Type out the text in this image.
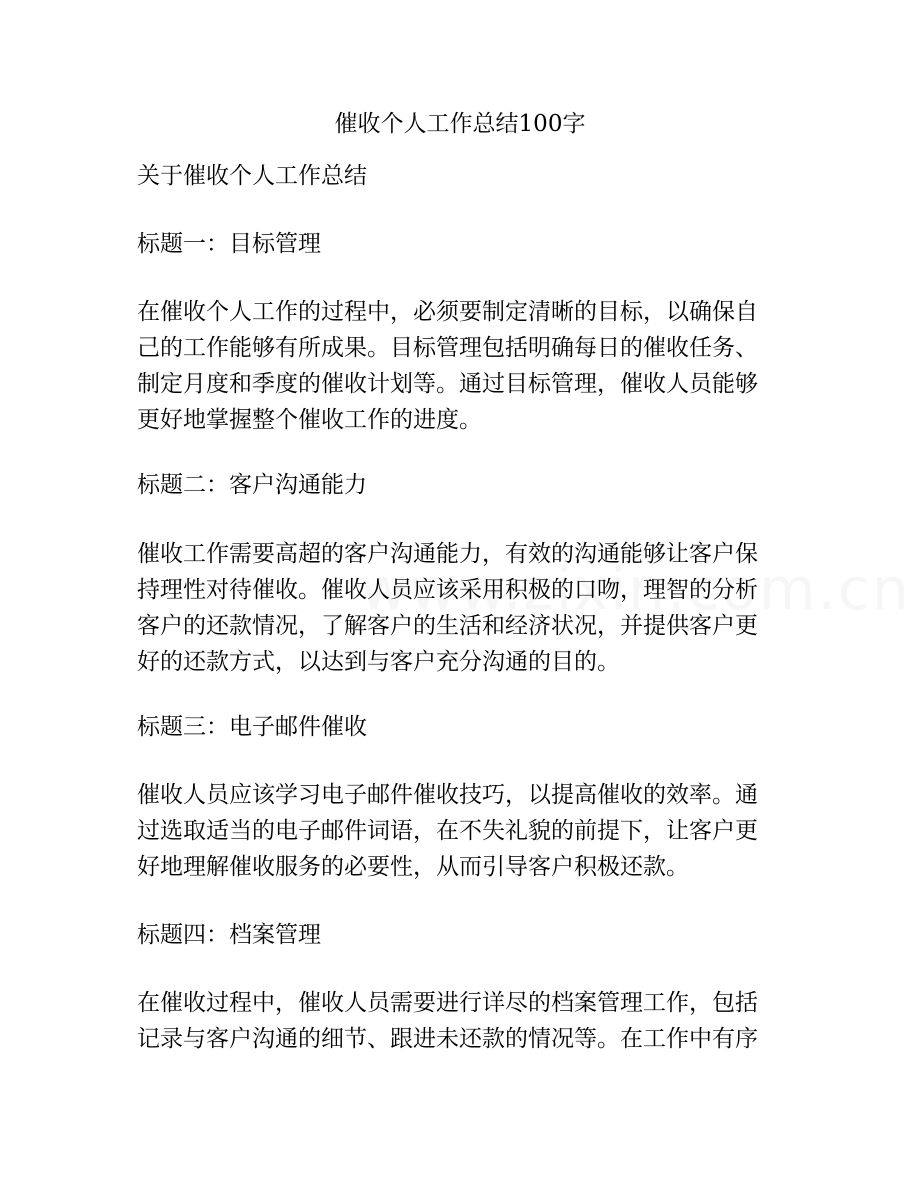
催收个人工作总结100字
关于催收个人工作总结
标题一：目标管理
在催收个人工作的过程中，必须要制定清晰的目标，以确保自
己的工作能够有所成果。目标管理包括明确每日的催收任务、
制定月度和季度的催收计划等。通过目标管理，催收人员能够
更好地掌握整个催收工作的进度。
标题二：客户沟通能力
催收工作需要高超的客户沟通能力，有效的沟通能够让客户保
持理性对待催收。催收人员应该采用积极的口吻，理智的分析
客户的还款情况，了解客户的生活和经济状况，并提供客户更
好的还款方式，以达到与客户充分沟通的目的。
标题三：电子邮件催收
催收人员应该学习电子邮件催收技巧，以提高催收的效率。通
过选取适当的电子邮件词语，在不失礼貌的前提下，让客户更
好地理解催收服务的必要性，从而引导客户积极还款。
标题四：档案管理
在催收过程中，催收人员需要进行详尽的档案管理工作，包括
记录与客户沟通的细节、跟进未还款的情况等。在工作中有序
